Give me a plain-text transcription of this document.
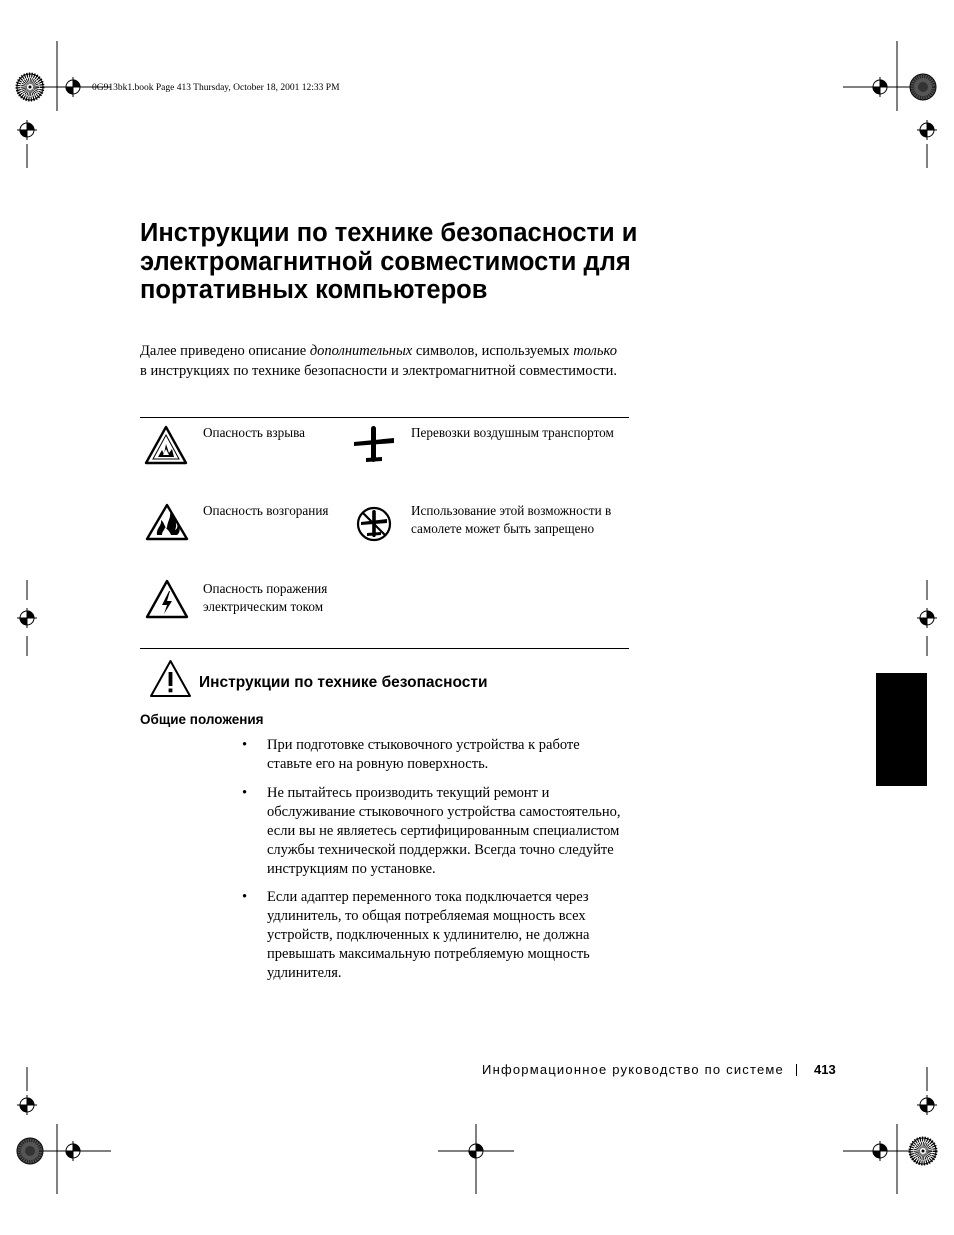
0G913bk1.book Page 413 Thursday, October 18, 2001 12:33 PM
Инструкции по технике безопасности и электромагнитной совместимости для портативных компьютеров

Далее приведено описание дополнительных символов, используемых только в инструкциях по технике безопасности и электромагнитной совместимости.

Опасность взрыва	Перевозки воздушным транспортом
Опасность возгорания	Использование этой возможности в самолете может быть запрещено
Опасность поражения электрическим током
Инструкции по технике безопасности
Общие положения
• При подготовке стыковочного устройства к работе ставьте его на ровную поверхность.
• Не пытайтесь производить текущий ремонт и обслуживание стыковочного устройства самостоятельно, если вы не являетесь сертифицированным специалистом службы технической поддержки. Всегда точно следуйте инструкциям по установке.
• Если адаптер переменного тока подключается через удлинитель, то общая потребляемая мощность всех устройств, подключенных к удлинителю, не должна превышать максимальную потребляемую мощность удлинителя.
Информационное руководство по системе 413
